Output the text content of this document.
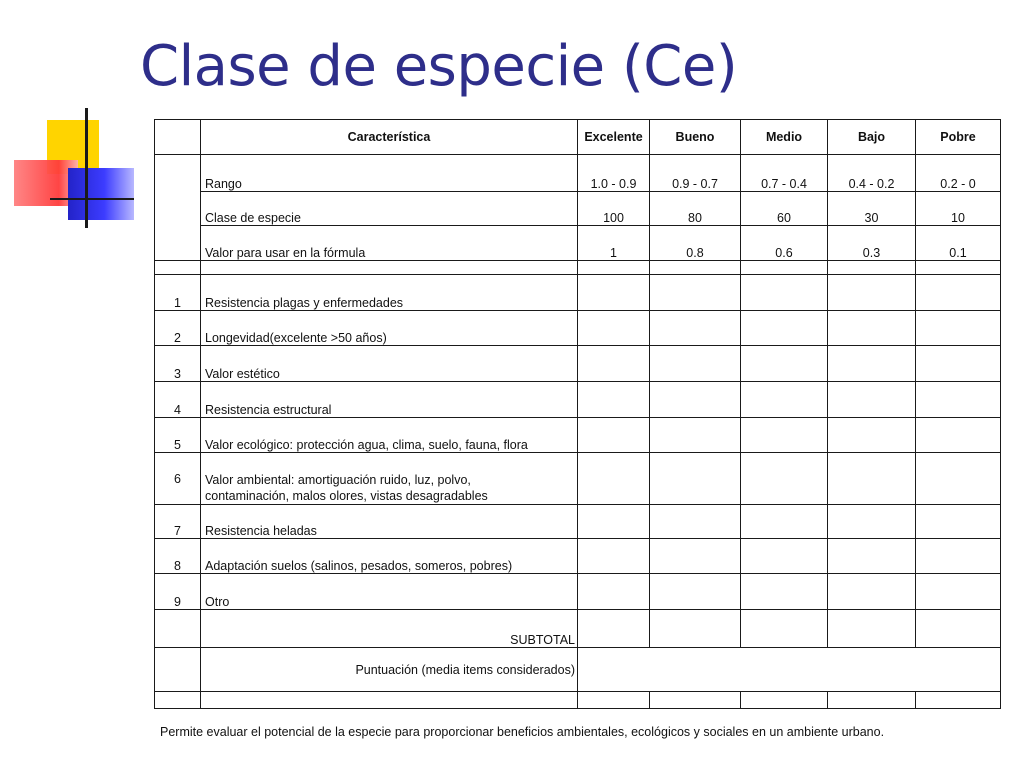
Clase de especie (Ce)
	Característica	Excelente	Bueno	Medio	Bajo	Pobre
	Rango	1.0 - 0.9	0.9 - 0.7	0.7 - 0.4	0.4 - 0.2	0.2 - 0
	Clase de especie	100	80	60	30	10
	Valor para usar en la fórmula	1	0.8	0.6	0.3	0.1

1	Resistencia plagas y enfermedades					
2	Longevidad(excelente >50 años)					
3	Valor estético					
4	Resistencia estructural					
5	Valor ecológico: protección agua, clima, suelo, fauna, flora					
6	Valor ambiental: amortiguación ruido, luz, polvo,
contaminación, malos olores, vistas desagradables					
7	Resistencia heladas					
8	Adaptación suelos (salinos, pesados, someros, pobres)					
9	Otro					
	SUBTOTAL					
	Puntuación (media items considerados)					

Permite evaluar el potencial de la especie para proporcionar beneficios ambientales, ecológicos y sociales en un ambiente urbano.
